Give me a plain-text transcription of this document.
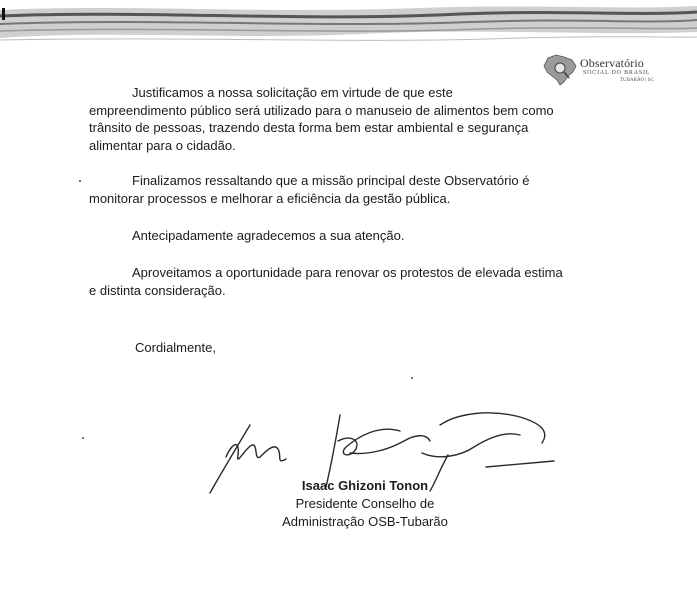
Observatório
SOCIAL DO BRASIL
TUBARÃO | SC

Justificamos a nossa solicitação em virtude de que este
empreendimento público será utilizado para o manuseio de alimentos bem como
trânsito de pessoas, trazendo desta forma bem estar ambiental e segurança
alimentar para o cidadão.

Finalizamos ressaltando que a missão principal deste Observatório é
monitorar processos e melhorar a eficiência da gestão pública.

Antecipadamente agradecemos a sua atenção.

Aproveitamos a oportunidade para renovar os protestos de elevada estima
e distinta consideração.

Cordialmente,
Isaac Ghizoni Tonon
Presidente Conselho de
Administração OSB-Tubarão
